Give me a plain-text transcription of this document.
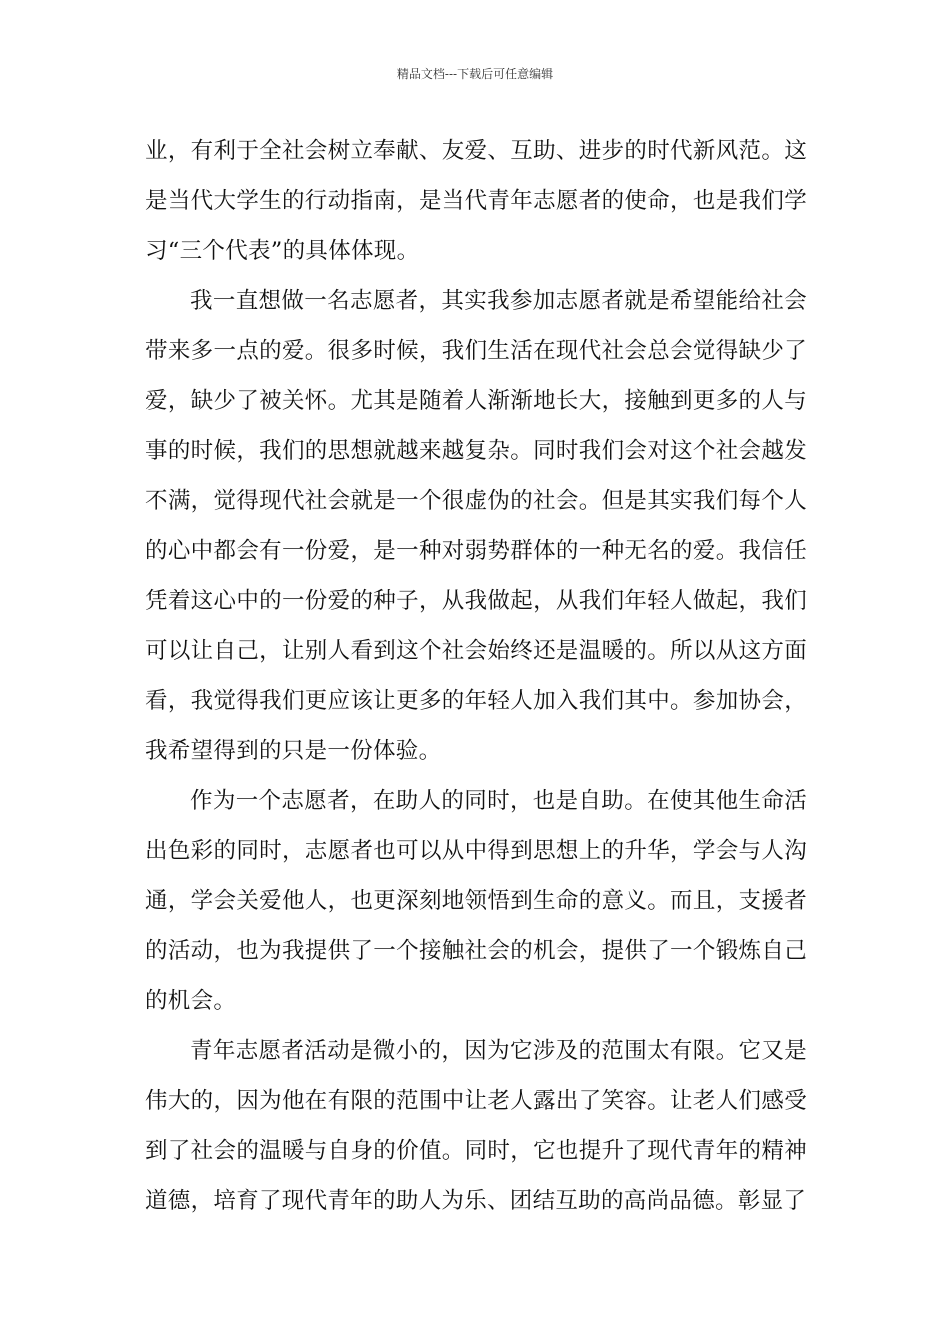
精品文档---下载后可任意编辑

业，有利于全社会树立奉献、友爱、互助、进步的时代新风范。这是当代大学生的行动指南，是当代青年志愿者的使命，也是我们学习“三个代表”的具体体现。

我一直想做一名志愿者，其实我参加志愿者就是希望能给社会带来多一点的爱。很多时候，我们生活在现代社会总会觉得缺少了爱，缺少了被关怀。尤其是随着人渐渐地长大，接触到更多的人与事的时候，我们的思想就越来越复杂。同时我们会对这个社会越发不满，觉得现代社会就是一个很虚伪的社会。但是其实我们每个人的心中都会有一份爱，是一种对弱势群体的一种无名的爱。我信任凭着这心中的一份爱的种子，从我做起，从我们年轻人做起，我们可以让自己，让别人看到这个社会始终还是温暖的。所以从这方面看，我觉得我们更应该让更多的年轻人加入我们其中。参加协会，我希望得到的只是一份体验。

作为一个志愿者，在助人的同时，也是自助。在使其他生命活出色彩的同时，志愿者也可以从中得到思想上的升华，学会与人沟通，学会关爱他人，也更深刻地领悟到生命的意义。而且，支援者的活动，也为我提供了一个接触社会的机会，提供了一个锻炼自己的机会。

青年志愿者活动是微小的，因为它涉及的范围太有限。它又是伟大的，因为他在有限的范围中让老人露出了笑容。让老人们感受到了社会的温暖与自身的价值。同时，它也提升了现代青年的精神道德，培育了现代青年的助人为乐、团结互助的高尚品德。彰显了
